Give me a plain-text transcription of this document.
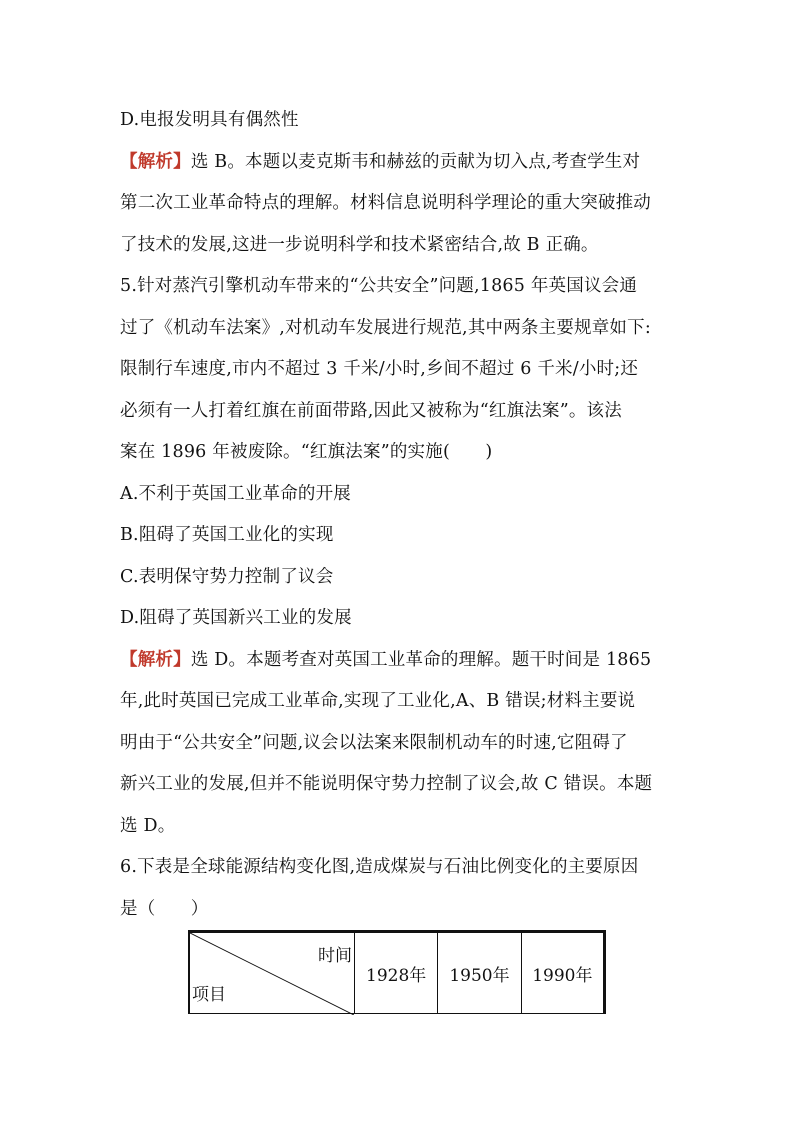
D.电报发明具有偶然性
【解析】选 B。本题以麦克斯韦和赫兹的贡献为切入点,考查学生对
第二次工业革命特点的理解。材料信息说明科学理论的重大突破推动
了技术的发展,这进一步说明科学和技术紧密结合,故 B 正确。
5.针对蒸汽引擎机动车带来的“公共安全”问题,1865 年英国议会通
过了《机动车法案》,对机动车发展进行规范,其中两条主要规章如下:
限制行车速度,市内不超过 3 千米/小时,乡间不超过 6 千米/小时;还
必须有一人打着红旗在前面带路,因此又被称为“红旗法案”。该法
案在 1896 年被废除。“红旗法案”的实施(　　)
A.不利于英国工业革命的开展
B.阻碍了英国工业化的实现
C.表明保守势力控制了议会
D.阻碍了英国新兴工业的发展
【解析】选 D。本题考查对英国工业革命的理解。题干时间是 1865
年,此时英国已完成工业革命,实现了工业化,A、B 错误;材料主要说
明由于“公共安全”问题,议会以法案来限制机动车的时速,它阻碍了
新兴工业的发展,但并不能说明保守势力控制了议会,故 C 错误。本题
选 D。
6.下表是全球能源结构变化图,造成煤炭与石油比例变化的主要原因
是（　　）
时间
项目
	1928年	1950年	1990年
